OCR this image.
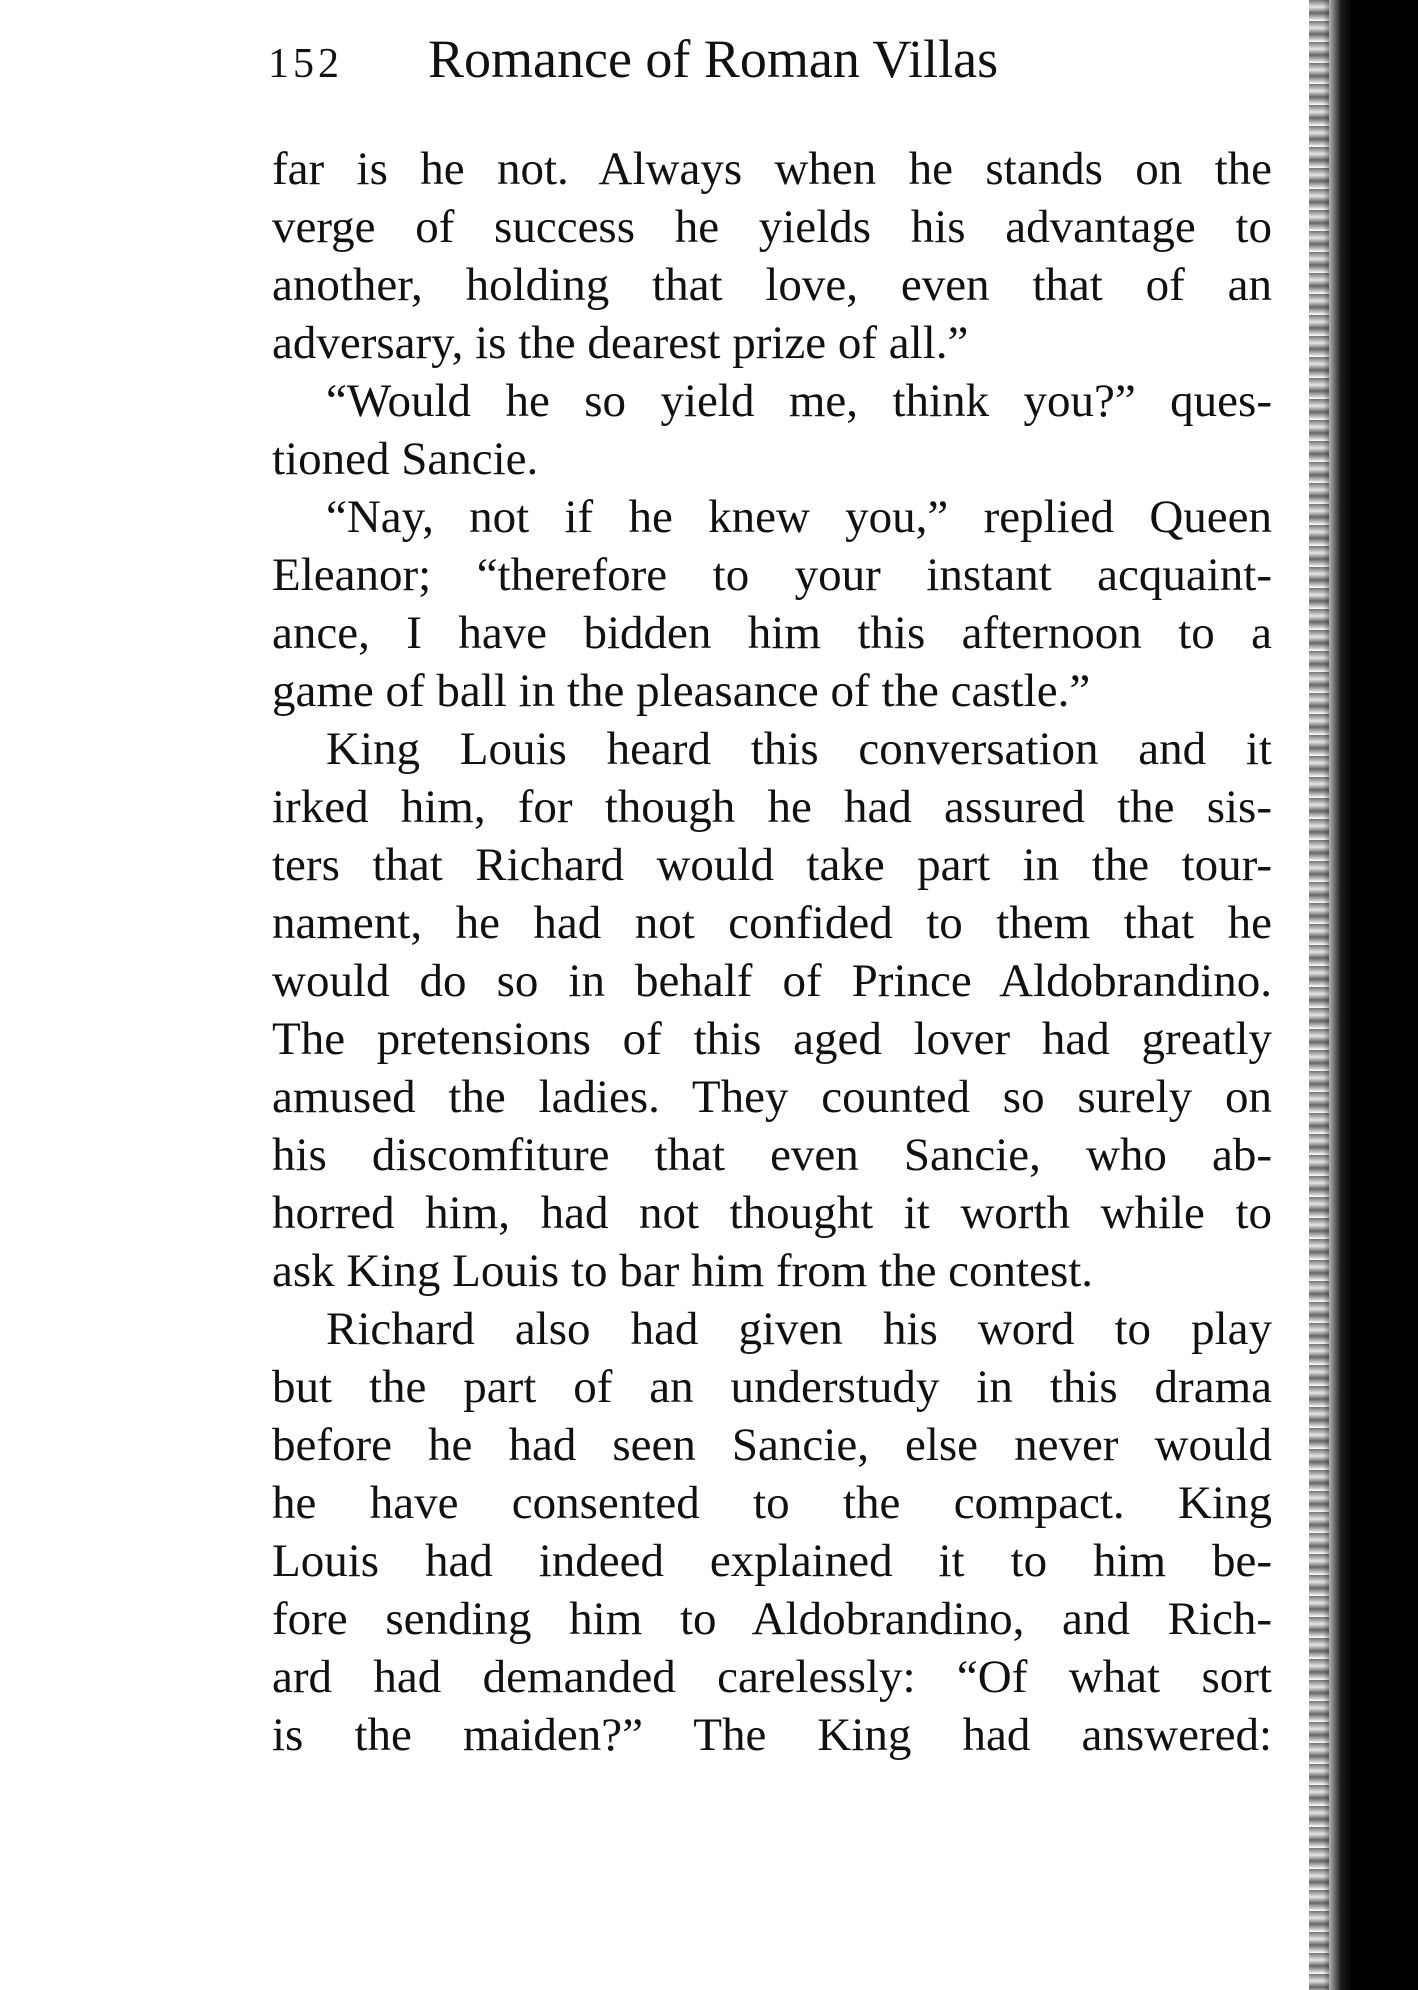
152 Romance of Roman Villas
far is he not. Always when he stands on the
verge of success he yields his advantage to
another, holding that love, even that of an
adversary, is the dearest prize of all.”
“Would he so yield me, think you?” ques-
tioned Sancie.
“Nay, not if he knew you,” replied Queen
Eleanor; “therefore to your instant acquaint-
ance, I have bidden him this afternoon to a
game of ball in the pleasance of the castle.”
King Louis heard this conversation and it
irked him, for though he had assured the sis-
ters that Richard would take part in the tour-
nament, he had not confided to them that he
would do so in behalf of Prince Aldobrandino.
The pretensions of this aged lover had greatly
amused the ladies. They counted so surely on
his discomfiture that even Sancie, who ab-
horred him, had not thought it worth while to
ask King Louis to bar him from the contest.
Richard also had given his word to play
but the part of an understudy in this drama
before he had seen Sancie, else never would
he have consented to the compact. King
Louis had indeed explained it to him be-
fore sending him to Aldobrandino, and Rich-
ard had demanded carelessly: “Of what sort
is the maiden?” The King had answered:
